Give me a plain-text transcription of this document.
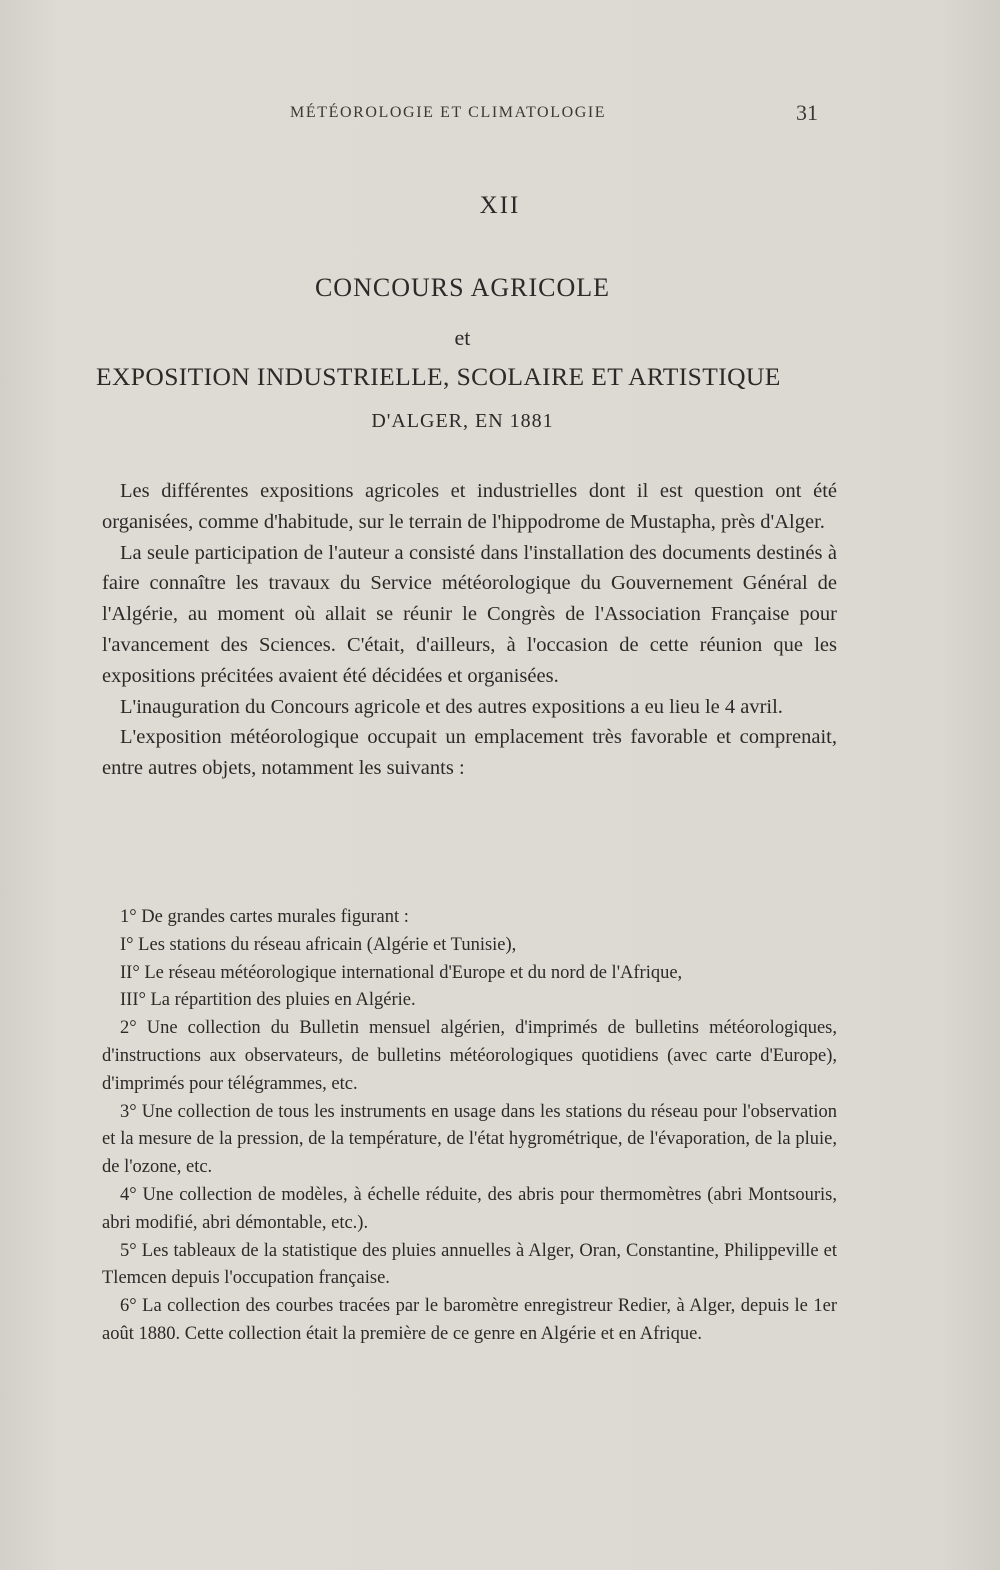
MÉTÉOROLOGIE ET CLIMATOLOGIE	31
XII
CONCOURS AGRICOLE
et
EXPOSITION INDUSTRIELLE, SCOLAIRE ET ARTISTIQUE
D'ALGER, EN 1881

Les différentes expositions agricoles et industrielles dont il est question ont été organisées, comme d'habitude, sur le terrain de l'hippodrome de Mustapha, près d'Alger.

La seule participation de l'auteur a consisté dans l'installation des documents destinés à faire connaître les travaux du Service météorologique du Gouvernement Général de l'Algérie, au moment où allait se réunir le Congrès de l'Association Française pour l'avancement des Sciences. C'était, d'ailleurs, à l'occasion de cette réunion que les expositions précitées avaient été décidées et organisées.

L'inauguration du Concours agricole et des autres expositions a eu lieu le 4 avril.

L'exposition météorologique occupait un emplacement très favorable et comprenait, entre autres objets, notamment les suivants :

1° De grandes cartes murales figurant :

I° Les stations du réseau africain (Algérie et Tunisie),

II° Le réseau météorologique international d'Europe et du nord de l'Afrique,

III° La répartition des pluies en Algérie.

2° Une collection du Bulletin mensuel algérien, d'imprimés de bulletins météorologiques, d'instructions aux observateurs, de bulletins météorologiques quotidiens (avec carte d'Europe), d'imprimés pour télégrammes, etc.

3° Une collection de tous les instruments en usage dans les stations du réseau pour l'observation et la mesure de la pression, de la température, de l'état hygrométrique, de l'évaporation, de la pluie, de l'ozone, etc.

4° Une collection de modèles, à échelle réduite, des abris pour thermomètres (abri Montsouris, abri modifié, abri démontable, etc.).

5° Les tableaux de la statistique des pluies annuelles à Alger, Oran, Constantine, Philippeville et Tlemcen depuis l'occupation française.

6° La collection des courbes tracées par le baromètre enregistreur Redier, à Alger, depuis le 1er août 1880. Cette collection était la première de ce genre en Algérie et en Afrique.
